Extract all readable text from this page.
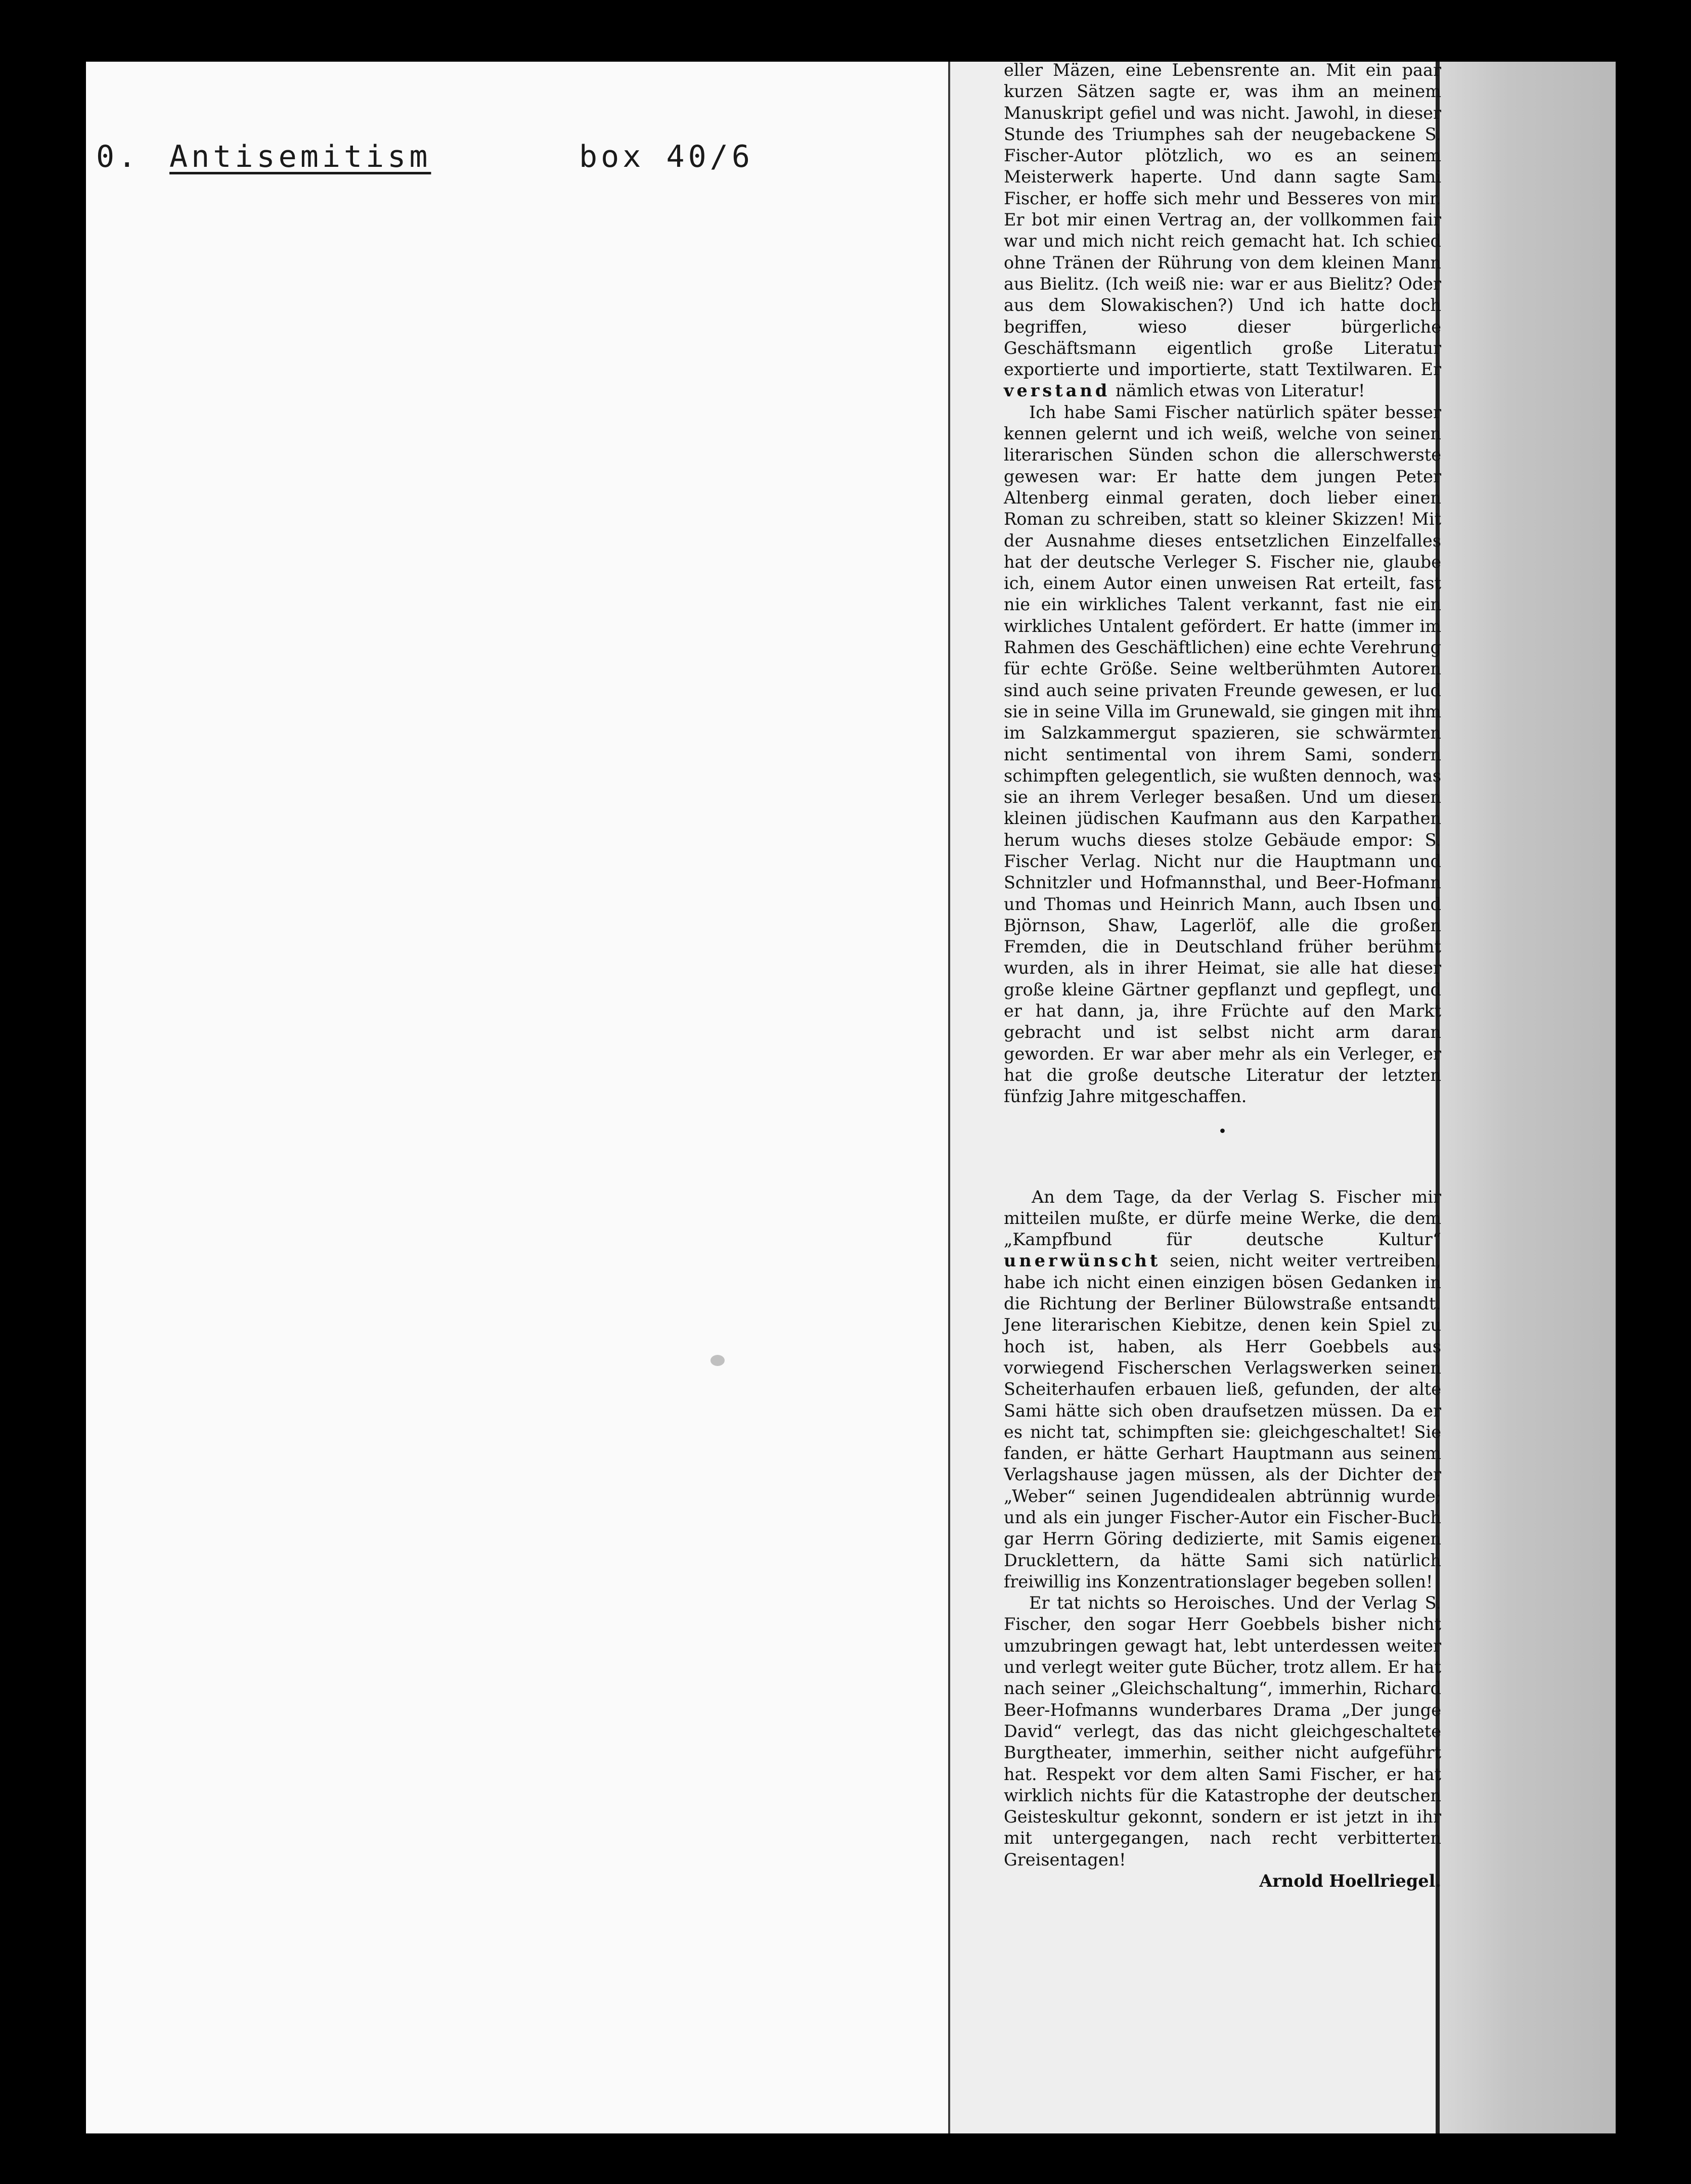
0. Antisemitism	box 40/6

eller Mäzen, eine Lebensrente an. Mit ein paar kurzen Sätzen sagte er, was ihm an meinem Manuskript gefiel und was nicht. Jawohl, in dieser Stunde des Triumphes sah der neugebackene S. Fischer-Autor plötzlich, wo es an seinem Meisterwerk haperte. Und dann sagte Sami Fischer, er hoffe sich mehr und Besseres von mir. Er bot mir einen Vertrag an, der vollkommen fair war und mich nicht reich gemacht hat. Ich schied ohne Tränen der Rührung von dem kleinen Mann aus Bielitz. (Ich weiß nie: war er aus Bielitz? Oder aus dem Slowakischen?) Und ich hatte doch begriffen, wieso dieser bürgerliche Geschäftsmann eigentlich große Literatur exportierte und importierte, statt Textilwaren. Er verstand nämlich etwas von Literatur!

Ich habe Sami Fischer natürlich später besser kennen gelernt und ich weiß, welche von seinen literarischen Sünden schon die allerschwerste gewesen war: Er hatte dem jungen Peter Altenberg einmal geraten, doch lieber einen Roman zu schreiben, statt so kleiner Skizzen! Mit der Ausnahme dieses entsetzlichen Einzelfalles hat der deutsche Verleger S. Fischer nie, glaube ich, einem Autor einen unweisen Rat erteilt, fast nie ein wirkliches Talent verkannt, fast nie ein wirkliches Untalent gefördert. Er hatte (immer im Rahmen des Geschäftlichen) eine echte Verehrung für echte Größe. Seine weltberühmten Autoren sind auch seine privaten Freunde gewesen, er lud sie in seine Villa im Grunewald, sie gingen mit ihm im Salzkammergut spazieren, sie schwärmten nicht sentimental von ihrem Sami, sondern schimpften gelegentlich, sie wußten dennoch, was sie an ihrem Verleger besaßen. Und um diesen kleinen jüdischen Kaufmann aus den Karpathen herum wuchs dieses stolze Gebäude empor: S. Fischer Verlag. Nicht nur die Hauptmann und Schnitzler und Hofmannsthal, und Beer-Hofmann und Thomas und Heinrich Mann, auch Ibsen und Björnson, Shaw, Lagerlöf, alle die großen Fremden, die in Deutschland früher berühmt wurden, als in ihrer Heimat, sie alle hat dieser große kleine Gärtner gepflanzt und gepflegt, und er hat dann, ja, ihre Früchte auf den Markt gebracht und ist selbst nicht arm daran geworden. Er war aber mehr als ein Verleger, er hat die große deutsche Literatur der letzten fünfzig Jahre mitgeschaffen.

•

An dem Tage, da der Verlag S. Fischer mir mitteilen mußte, er dürfe meine Werke, die dem „Kampfbund für deutsche Kultur“ unerwünscht seien, nicht weiter vertreiben, habe ich nicht einen einzigen bösen Gedanken in die Richtung der Berliner Bülowstraße entsandt. Jene literarischen Kiebitze, denen kein Spiel zu hoch ist, haben, als Herr Goebbels aus vorwiegend Fischerschen Verlagswerken seinen Scheiterhaufen erbauen ließ, gefunden, der alte Sami hätte sich oben draufsetzen müssen. Da er es nicht tat, schimpften sie: gleichgeschaltet! Sie fanden, er hätte Gerhart Hauptmann aus seinem Verlagshause jagen müssen, als der Dichter der „Weber“ seinen Jugendidealen abtrünnig wurde; und als ein junger Fischer-Autor ein Fischer-Buch gar Herrn Göring dedizierte, mit Samis eigenen Drucklettern, da hätte Sami sich natürlich freiwillig ins Konzentrationslager begeben sollen!

Er tat nichts so Heroisches. Und der Verlag S. Fischer, den sogar Herr Goebbels bisher nicht umzubringen gewagt hat, lebt unterdessen weiter und verlegt weiter gute Bücher, trotz allem. Er hat nach seiner „Gleichschaltung“, immerhin, Richard Beer-Hofmanns wunderbares Drama „Der junge David“ verlegt, das das nicht gleichgeschaltete Burgtheater, immerhin, seither nicht aufgeführt hat. Respekt vor dem alten Sami Fischer, er hat wirklich nichts für die Katastrophe der deutschen Geisteskultur gekonnt, sondern er ist jetzt in ihr mit untergegangen, nach recht verbitterten Greisentagen!

Arnold Hoellriegel.
